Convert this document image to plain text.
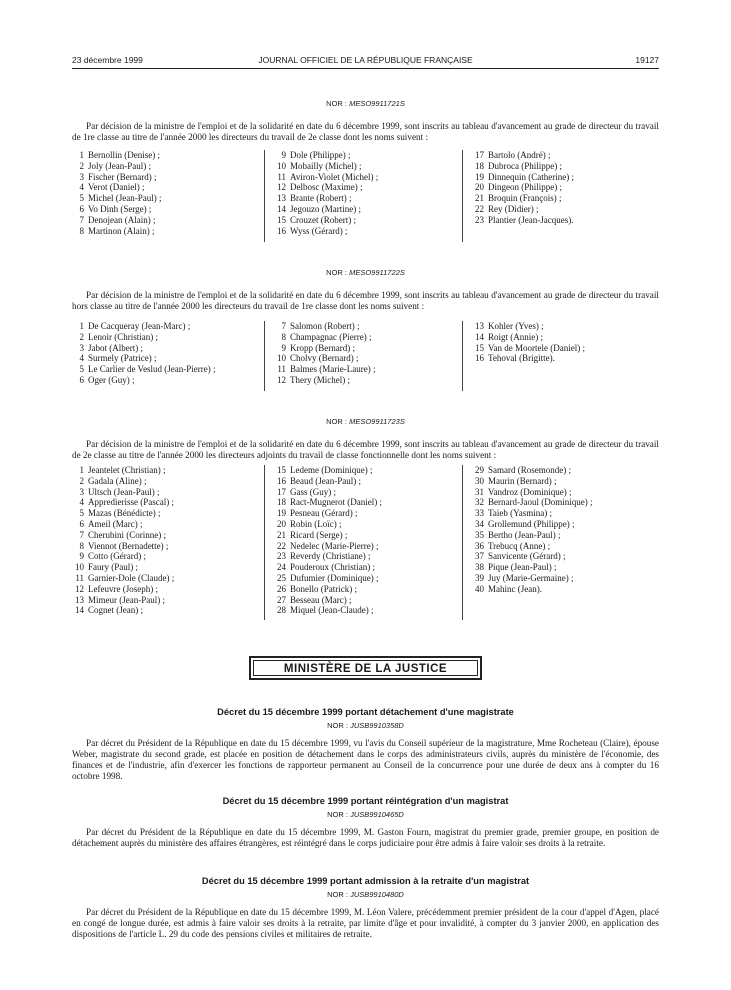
23 décembre 1999	JOURNAL OFFICIEL DE LA RÉPUBLIQUE FRANÇAISE	19127
NOR : MESO9911721S

Par décision de la ministre de l'emploi et de la solidarité en date du 6 décembre 1999, sont inscrits au tableau d'avancement au grade de directeur du travail de 1re classe au titre de l'année 2000 les directeurs du travail de 2e classe dont les noms suivent :

1 Bernollin (Denise) ;
2 Joly (Jean-Paul) ;
3 Fischer (Bernard) ;
4 Verot (Daniel) ;
5 Michel (Jean-Paul) ;
6 Vo Dinh (Serge) ;
7 Denojean (Alain) ;
8 Martinon (Alain) ;
9 Dole (Philippe) ;
10 Mobailly (Michel) ;
11 Aviron-Violet (Michel) ;
12 Delbosc (Maxime) ;
13 Brante (Robert) ;
14 Jegouzo (Martine) ;
15 Crouzet (Robert) ;
16 Wyss (Gérard) ;
17 Bartolo (André) ;
18 Dubroca (Philippe) ;
19 Dinnequin (Catherine) ;
20 Dingeon (Philippe) ;
21 Broquin (François) ;
22 Rey (Didier) ;
23 Plantier (Jean-Jacques).
NOR : MESO9911722S

Par décision de la ministre de l'emploi et de la solidarité en date du 6 décembre 1999, sont inscrits au tableau d'avancement au grade de directeur du travail hors classe au titre de l'année 2000 les directeurs du travail de 1re classe dont les noms suivent :

1 De Cacqueray (Jean-Marc) ;
2 Lenoir (Christian) ;
3 Jabot (Albert) ;
4 Surmely (Patrice) ;
5 Le Carlier de Veslud (Jean-Pierre) ;
6 Oger (Guy) ;
7 Salomon (Robert) ;
8 Champagnac (Pierre) ;
9 Kropp (Bernard) ;
10 Cholvy (Bernard) ;
11 Balmes (Marie-Laure) ;
12 Thery (Michel) ;
13 Kohler (Yves) ;
14 Roigt (Annie) ;
15 Van de Moortele (Daniel) ;
16 Tehoval (Brigitte).
NOR : MESO9911723S

Par décision de la ministre de l'emploi et de la solidarité en date du 6 décembre 1999, sont inscrits au tableau d'avancement au grade de directeur du travail de 2e classe au titre de l'année 2000 les directeurs adjoints du travail de classe fonctionnelle dont les noms suivent :

1 Jeantelet (Christian) ;
2 Gadala (Aline) ;
3 Ultsch (Jean-Paul) ;
4 Appredierisse (Pascal) ;
5 Mazas (Bénédicte) ;
6 Ameil (Marc) ;
7 Cherubini (Corinne) ;
8 Viennot (Bernadette) ;
9 Cotto (Gérard) ;
10 Faury (Paul) ;
11 Garnier-Dole (Claude) ;
12 Lefeuvre (Joseph) ;
13 Mimeur (Jean-Paul) ;
14 Cognet (Jean) ;
15 Ledeme (Dominique) ;
16 Beaud (Jean-Paul) ;
17 Gass (Guy) ;
18 Ract-Mugnerot (Daniel) ;
19 Pesneau (Gérard) ;
20 Robin (Loïc) ;
21 Ricard (Serge) ;
22 Nedelec (Marie-Pierre) ;
23 Reverdy (Christiane) ;
24 Pouderoux (Christian) ;
25 Dufumier (Dominique) ;
26 Bonello (Patrick) ;
27 Besseau (Marc) ;
28 Miquel (Jean-Claude) ;
29 Samard (Rosemonde) ;
30 Maurin (Bernard) ;
31 Vandroz (Dominique) ;
32 Bernard-Jaoul (Dominique) ;
33 Taieb (Yasmina) ;
34 Grollemund (Philippe) ;
35 Bertho (Jean-Paul) ;
36 Trebucq (Anne) ;
37 Sanvicente (Gérard) ;
38 Pique (Jean-Paul) ;
39 Juy (Marie-Germaine) ;
40 Mahinc (Jean).
MINISTÈRE DE LA JUSTICE
Décret du 15 décembre 1999 portant détachement d'une magistrate
NOR : JUSB9910358D

Par décret du Président de la République en date du 15 décembre 1999, vu l'avis du Conseil supérieur de la magistrature, Mme Rocheteau (Claire), épouse Weber, magistrate du second grade, est placée en position de détachement dans le corps des administrateurs civils, auprès du ministère de l'économie, des finances et de l'industrie, afin d'exercer les fonctions de rapporteur permanent au Conseil de la concurrence pour une durée de deux ans à compter du 16 octobre 1998.

Décret du 15 décembre 1999 portant réintégration d'un magistrat
NOR : JUSB9910465D

Par décret du Président de la République en date du 15 décembre 1999, M. Gaston Fourn, magistrat du premier grade, premier groupe, en position de détachement auprès du ministère des affaires étrangères, est réintégré dans le corps judiciaire pour être admis à faire valoir ses droits à la retraite.

Décret du 15 décembre 1999 portant admission à la retraite d'un magistrat
NOR : JUSB9910480D

Par décret du Président de la République en date du 15 décembre 1999, M. Léon Valere, précédemment premier président de la cour d'appel d'Agen, placé en congé de longue durée, est admis à faire valoir ses droits à la retraite, par limite d'âge et pour invalidité, à compter du 3 janvier 2000, en application des dispositions de l'article L. 29 du code des pensions civiles et militaires de retraite.
